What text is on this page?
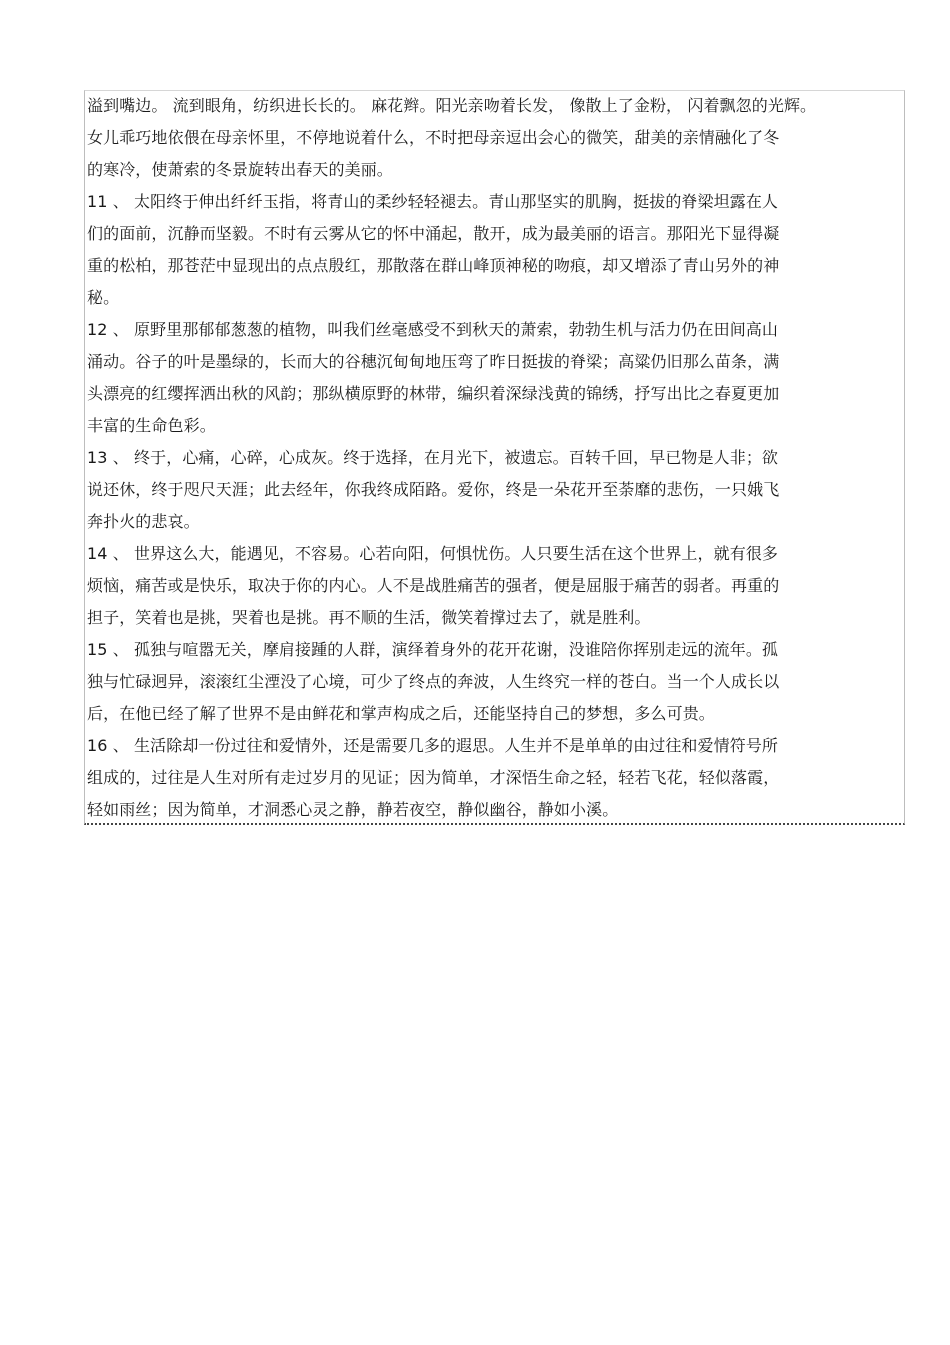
溢到嘴边。 流到眼角，纺织进长长的。 麻花辫。阳光亲吻着长发， 像散上了金粉， 闪着飘忽的光辉。
女儿乖巧地依偎在母亲怀里，不停地说着什么，不时把母亲逗出会心的微笑，甜美的亲情融化了冬
的寒冷，使萧索的冬景旋转出春天的美丽。
11 、 太阳终于伸出纤纤玉指，将青山的柔纱轻轻褪去。青山那坚实的肌胸，挺拔的脊梁坦露在人
们的面前，沉静而坚毅。不时有云雾从它的怀中涌起，散开，成为最美丽的语言。那阳光下显得凝
重的松柏，那苍茫中显现出的点点殷红，那散落在群山峰顶神秘的吻痕，却又增添了青山另外的神
秘。
12 、 原野里那郁郁葱葱的植物，叫我们丝毫感受不到秋天的萧索，勃勃生机与活力仍在田间高山
涌动。谷子的叶是墨绿的，长而大的谷穗沉甸甸地压弯了昨日挺拔的脊梁；高粱仍旧那么苗条，满
头漂亮的红缨挥洒出秋的风韵；那纵横原野的林带，编织着深绿浅黄的锦绣，抒写出比之春夏更加
丰富的生命色彩。
13 、 终于，心痛，心碎，心成灰。终于选择，在月光下，被遗忘。百转千回，早已物是人非；欲
说还休，终于咫尺天涯；此去经年，你我终成陌路。爱你，终是一朵花开至荼靡的悲伤，一只娥飞
奔扑火的悲哀。
14 、 世界这么大，能遇见，不容易。心若向阳，何惧忧伤。人只要生活在这个世界上，就有很多
烦恼，痛苦或是快乐，取决于你的内心。人不是战胜痛苦的强者，便是屈服于痛苦的弱者。再重的
担子，笑着也是挑，哭着也是挑。再不顺的生活，微笑着撑过去了，就是胜利。
15 、 孤独与喧嚣无关，摩肩接踵的人群，演绎着身外的花开花谢，没谁陪你挥别走远的流年。孤
独与忙碌迥异，滚滚红尘湮没了心境，可少了终点的奔波，人生终究一样的苍白。当一个人成长以
后，在他已经了解了世界不是由鲜花和掌声构成之后，还能坚持自己的梦想，多么可贵。
16 、 生活除却一份过往和爱情外，还是需要几多的遐思。人生并不是单单的由过往和爱情符号所
组成的，过往是人生对所有走过岁月的见证；因为简单，才深悟生命之轻，轻若飞花，轻似落霞，
轻如雨丝；因为简单，才洞悉心灵之静，静若夜空，静似幽谷，静如小溪。
